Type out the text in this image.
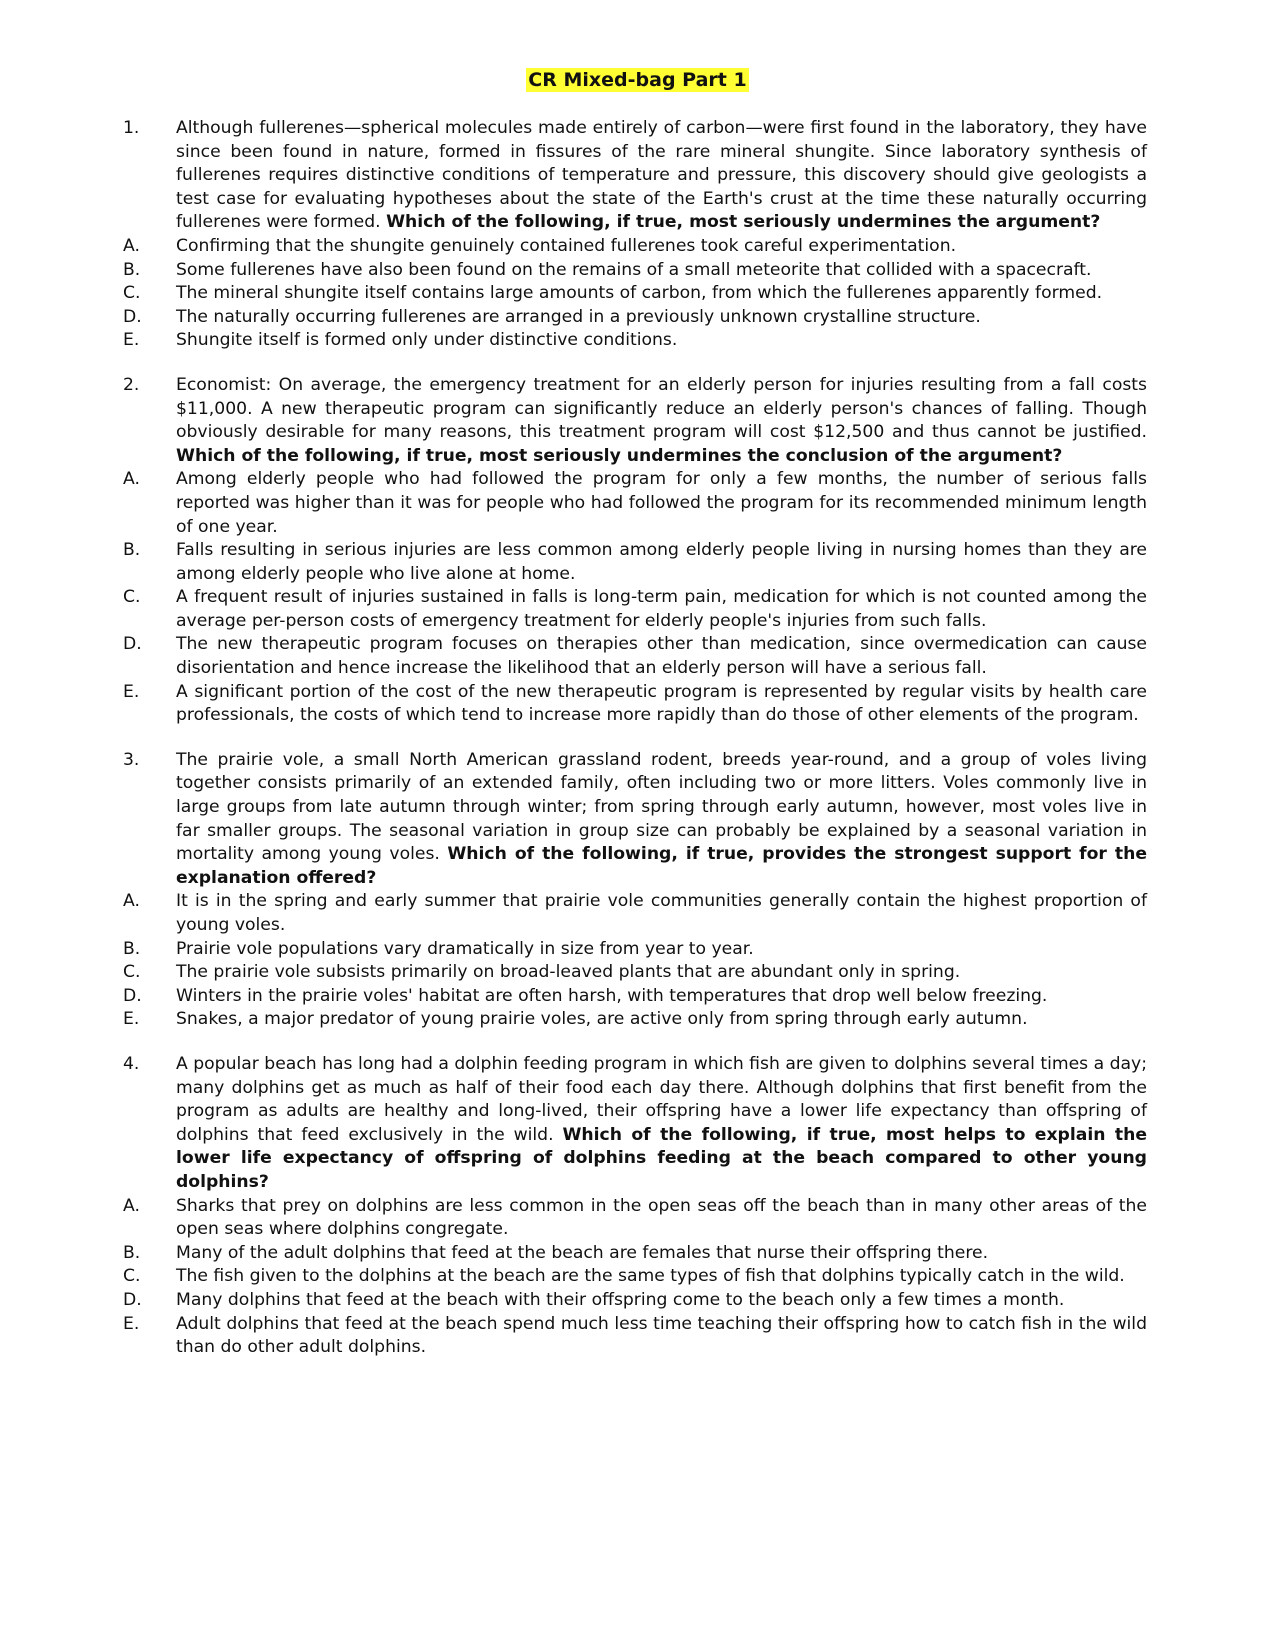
CR Mixed-bag Part 1
1.	Although fullerenes—spherical molecules made entirely of carbon—were first found in the laboratory, they have since been found in nature, formed in fissures of the rare mineral shungite. Since laboratory synthesis of fullerenes requires distinctive conditions of temperature and pressure, this discovery should give geologists a test case for evaluating hypotheses about the state of the Earth's crust at the time these naturally occurring fullerenes were formed. Which of the following, if true, most seriously undermines the argument?
A.	Confirming that the shungite genuinely contained fullerenes took careful experimentation.
B.	Some fullerenes have also been found on the remains of a small meteorite that collided with a spacecraft.
C.	The mineral shungite itself contains large amounts of carbon, from which the fullerenes apparently formed.
D.	The naturally occurring fullerenes are arranged in a previously unknown crystalline structure.
E.	Shungite itself is formed only under distinctive conditions.
2.	Economist: On average, the emergency treatment for an elderly person for injuries resulting from a fall costs $11,000. A new therapeutic program can significantly reduce an elderly person's chances of falling. Though obviously desirable for many reasons, this treatment program will cost $12,500 and thus cannot be justified. Which of the following, if true, most seriously undermines the conclusion of the argument?
A.	Among elderly people who had followed the program for only a few months, the number of serious falls reported was higher than it was for people who had followed the program for its recommended minimum length of one year.
B.	Falls resulting in serious injuries are less common among elderly people living in nursing homes than they are among elderly people who live alone at home.
C.	A frequent result of injuries sustained in falls is long-term pain, medication for which is not counted among the average per-person costs of emergency treatment for elderly people's injuries from such falls.
D.	The new therapeutic program focuses on therapies other than medication, since overmedication can cause disorientation and hence increase the likelihood that an elderly person will have a serious fall.
E.	A significant portion of the cost of the new therapeutic program is represented by regular visits by health care professionals, the costs of which tend to increase more rapidly than do those of other elements of the program.
3.	The prairie vole, a small North American grassland rodent, breeds year-round, and a group of voles living together consists primarily of an extended family, often including two or more litters. Voles commonly live in large groups from late autumn through winter; from spring through early autumn, however, most voles live in far smaller groups. The seasonal variation in group size can probably be explained by a seasonal variation in mortality among young voles. Which of the following, if true, provides the strongest support for the explanation offered?
A.	It is in the spring and early summer that prairie vole communities generally contain the highest proportion of young voles.
B.	Prairie vole populations vary dramatically in size from year to year.
C.	The prairie vole subsists primarily on broad-leaved plants that are abundant only in spring.
D.	Winters in the prairie voles' habitat are often harsh, with temperatures that drop well below freezing.
E.	Snakes, a major predator of young prairie voles, are active only from spring through early autumn.
4.	A popular beach has long had a dolphin feeding program in which fish are given to dolphins several times a day; many dolphins get as much as half of their food each day there. Although dolphins that first benefit from the program as adults are healthy and long-lived, their offspring have a lower life expectancy than offspring of dolphins that feed exclusively in the wild. Which of the following, if true, most helps to explain the lower life expectancy of offspring of dolphins feeding at the beach compared to other young dolphins?
A.	Sharks that prey on dolphins are less common in the open seas off the beach than in many other areas of the open seas where dolphins congregate.
B.	Many of the adult dolphins that feed at the beach are females that nurse their offspring there.
C.	The fish given to the dolphins at the beach are the same types of fish that dolphins typically catch in the wild.
D.	Many dolphins that feed at the beach with their offspring come to the beach only a few times a month.
E.	Adult dolphins that feed at the beach spend much less time teaching their offspring how to catch fish in the wild than do other adult dolphins.
